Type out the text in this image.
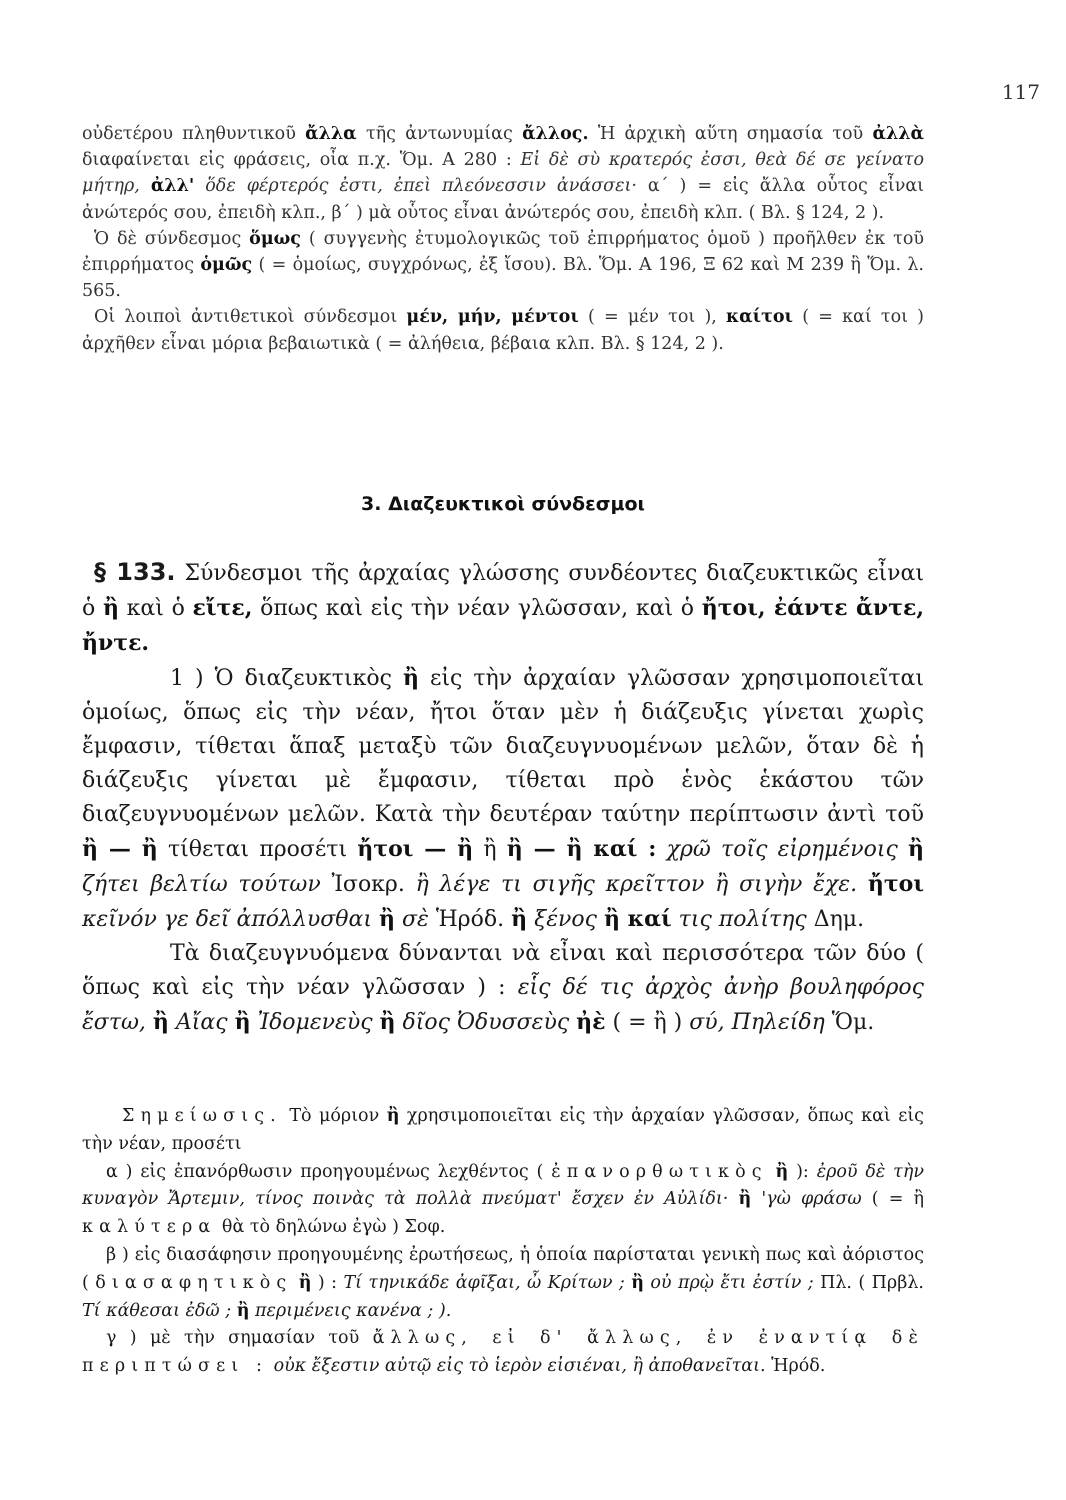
117

οὐδετέρου πληθυντικοῦ ἄλλα τῆς ἀντωνυμίας ἄλλος. Ἡ ἀρχικὴ αὕτη σημασία τοῦ ἀλλὰ διαφαίνεται εἰς φράσεις, οἷα π.χ. Ὅμ. Α 280 : Εἰ δὲ σὺ κρατερός ἐσσι, θεὰ δέ σε γείνατο μήτηρ, ἀλλ' ὅδε φέρτερός ἐστι, ἐπεὶ πλεόνεσσιν ἀνάσσει· α΄ ) = εἰς ἄλλα οὗτος εἶναι ἀνώτερός σου, ἐπειδὴ κλπ., β΄ ) μὰ οὗτος εἶναι ἀνώτερός σου, ἐπειδὴ κλπ. ( Βλ. § 124, 2 ).

Ὁ δὲ σύνδεσμος ὅμως ( συγγενὴς ἐτυμολογικῶς τοῦ ἐπιρρήματος ὁμοῦ ) προῆλθεν ἐκ τοῦ ἐπιρρήματος ὁμῶς ( = ὁμοίως, συγχρόνως, ἐξ ἴσου). Βλ. Ὅμ. Α 196, Ξ 62 καὶ Μ 239 ἢ Ὅμ. λ. 565.

Οἱ λοιποὶ ἀντιθετικοὶ σύνδεσμοι μέν, μήν, μέντοι ( = μέν τοι ), καίτοι ( = καί τοι ) ἀρχῆθεν εἶναι μόρια βεβαιωτικὰ ( = ἀλήθεια, βέβαια κλπ. Βλ. § 124, 2 ).

3. Διαζευκτικοὶ σύνδεσμοι

§ 133. Σύνδεσμοι τῆς ἀρχαίας γλώσσης συνδέοντες διαζευκτικῶς εἶναι ὁ ἢ καὶ ὁ εἴτε, ὅπως καὶ εἰς τὴν νέαν γλῶσσαν, καὶ ὁ ἤτοι, ἐάντε ἄντε, ἤντε.

1 ) Ὁ διαζευκτικὸς ἢ εἰς τὴν ἀρχαίαν γλῶσσαν χρησιμοποιεῖται ὁμοίως, ὅπως εἰς τὴν νέαν, ἤτοι ὅταν μὲν ἡ διάζευξις γίνεται χωρὶς ἔμφασιν, τίθεται ἅπαξ μεταξὺ τῶν διαζευγνυομένων μελῶν, ὅταν δὲ ἡ διάζευξις γίνεται μὲ ἔμφασιν, τίθεται πρὸ ἑνὸς ἑκάστου τῶν διαζευγνυομένων μελῶν. Κατὰ τὴν δευτέραν ταύτην περίπτωσιν ἀντὶ τοῦ ἢ — ἢ τίθεται προσέτι ἤτοι — ἢ ἢ ἢ — ἢ καί : χρῶ τοῖς εἰρημένοις ἢ ζήτει βελτίω τούτων Ἰσοκρ. ἢ λέγε τι σιγῆς κρεῖττον ἢ σιγὴν ἔχε. ἤτοι κεῖνόν γε δεῖ ἀπόλλυσθαι ἢ σὲ Ἡρόδ. ἢ ξένος ἢ καί τις πολίτης Δημ.

Τὰ διαζευγνυόμενα δύνανται νὰ εἶναι καὶ περισσότερα τῶν δύο ( ὅπως καὶ εἰς τὴν νέαν γλῶσσαν ) : εἷς δέ τις ἀρχὸς ἀνὴρ βουληφόρος ἔστω, ἢ Αἴας ἢ Ἰδομενεὺς ἢ δῖος Ὀδυσσεὺς ἠὲ ( = ἢ ) σύ, Πηλείδη Ὅμ.

Σημείωσις. Τὸ μόριον ἢ χρησιμοποιεῖται εἰς τὴν ἀρχαίαν γλῶσσαν, ὅπως καὶ εἰς τὴν νέαν, προσέτι

α ) εἰς ἐπανόρθωσιν προηγουμένως λεχθέντος ( ἐπανορθωτικὸς ἢ ): ἐροῦ δὲ τὴν κυναγὸν Ἄρτεμιν, τίνος ποινὰς τὰ πολλὰ πνεύματ' ἔσχεν ἐν Αὐλίδι· ἢ 'γὼ φράσω ( = ἢ καλύτερα θὰ τὸ δηλώνω ἐγὼ ) Σοφ.

β ) εἰς διασάφησιν προηγουμένης ἐρωτήσεως, ἡ ὁποία παρίσταται γενικὴ πως καὶ ἀόριστος ( διασαφητικὸς ἢ ) : Τί τηνικάδε ἀφῖξαι, ὦ Κρίτων ; ἢ οὐ πρῲ ἔτι ἐστίν ; Πλ. ( Πρβλ. Τί κάθεσαι ἐδῶ ; ἢ περιμένεις κανένα ; ).

γ ) μὲ τὴν σημασίαν τοῦ ἄλλως, εἰ δ' ἄλλως, ἐν ἐναντίᾳ δὲ περιπτώσει : οὐκ ἔξεστιν αὐτῷ εἰς τὸ ἱερὸν εἰσιέναι, ἢ ἀποθανεῖται. Ἡρόδ.
